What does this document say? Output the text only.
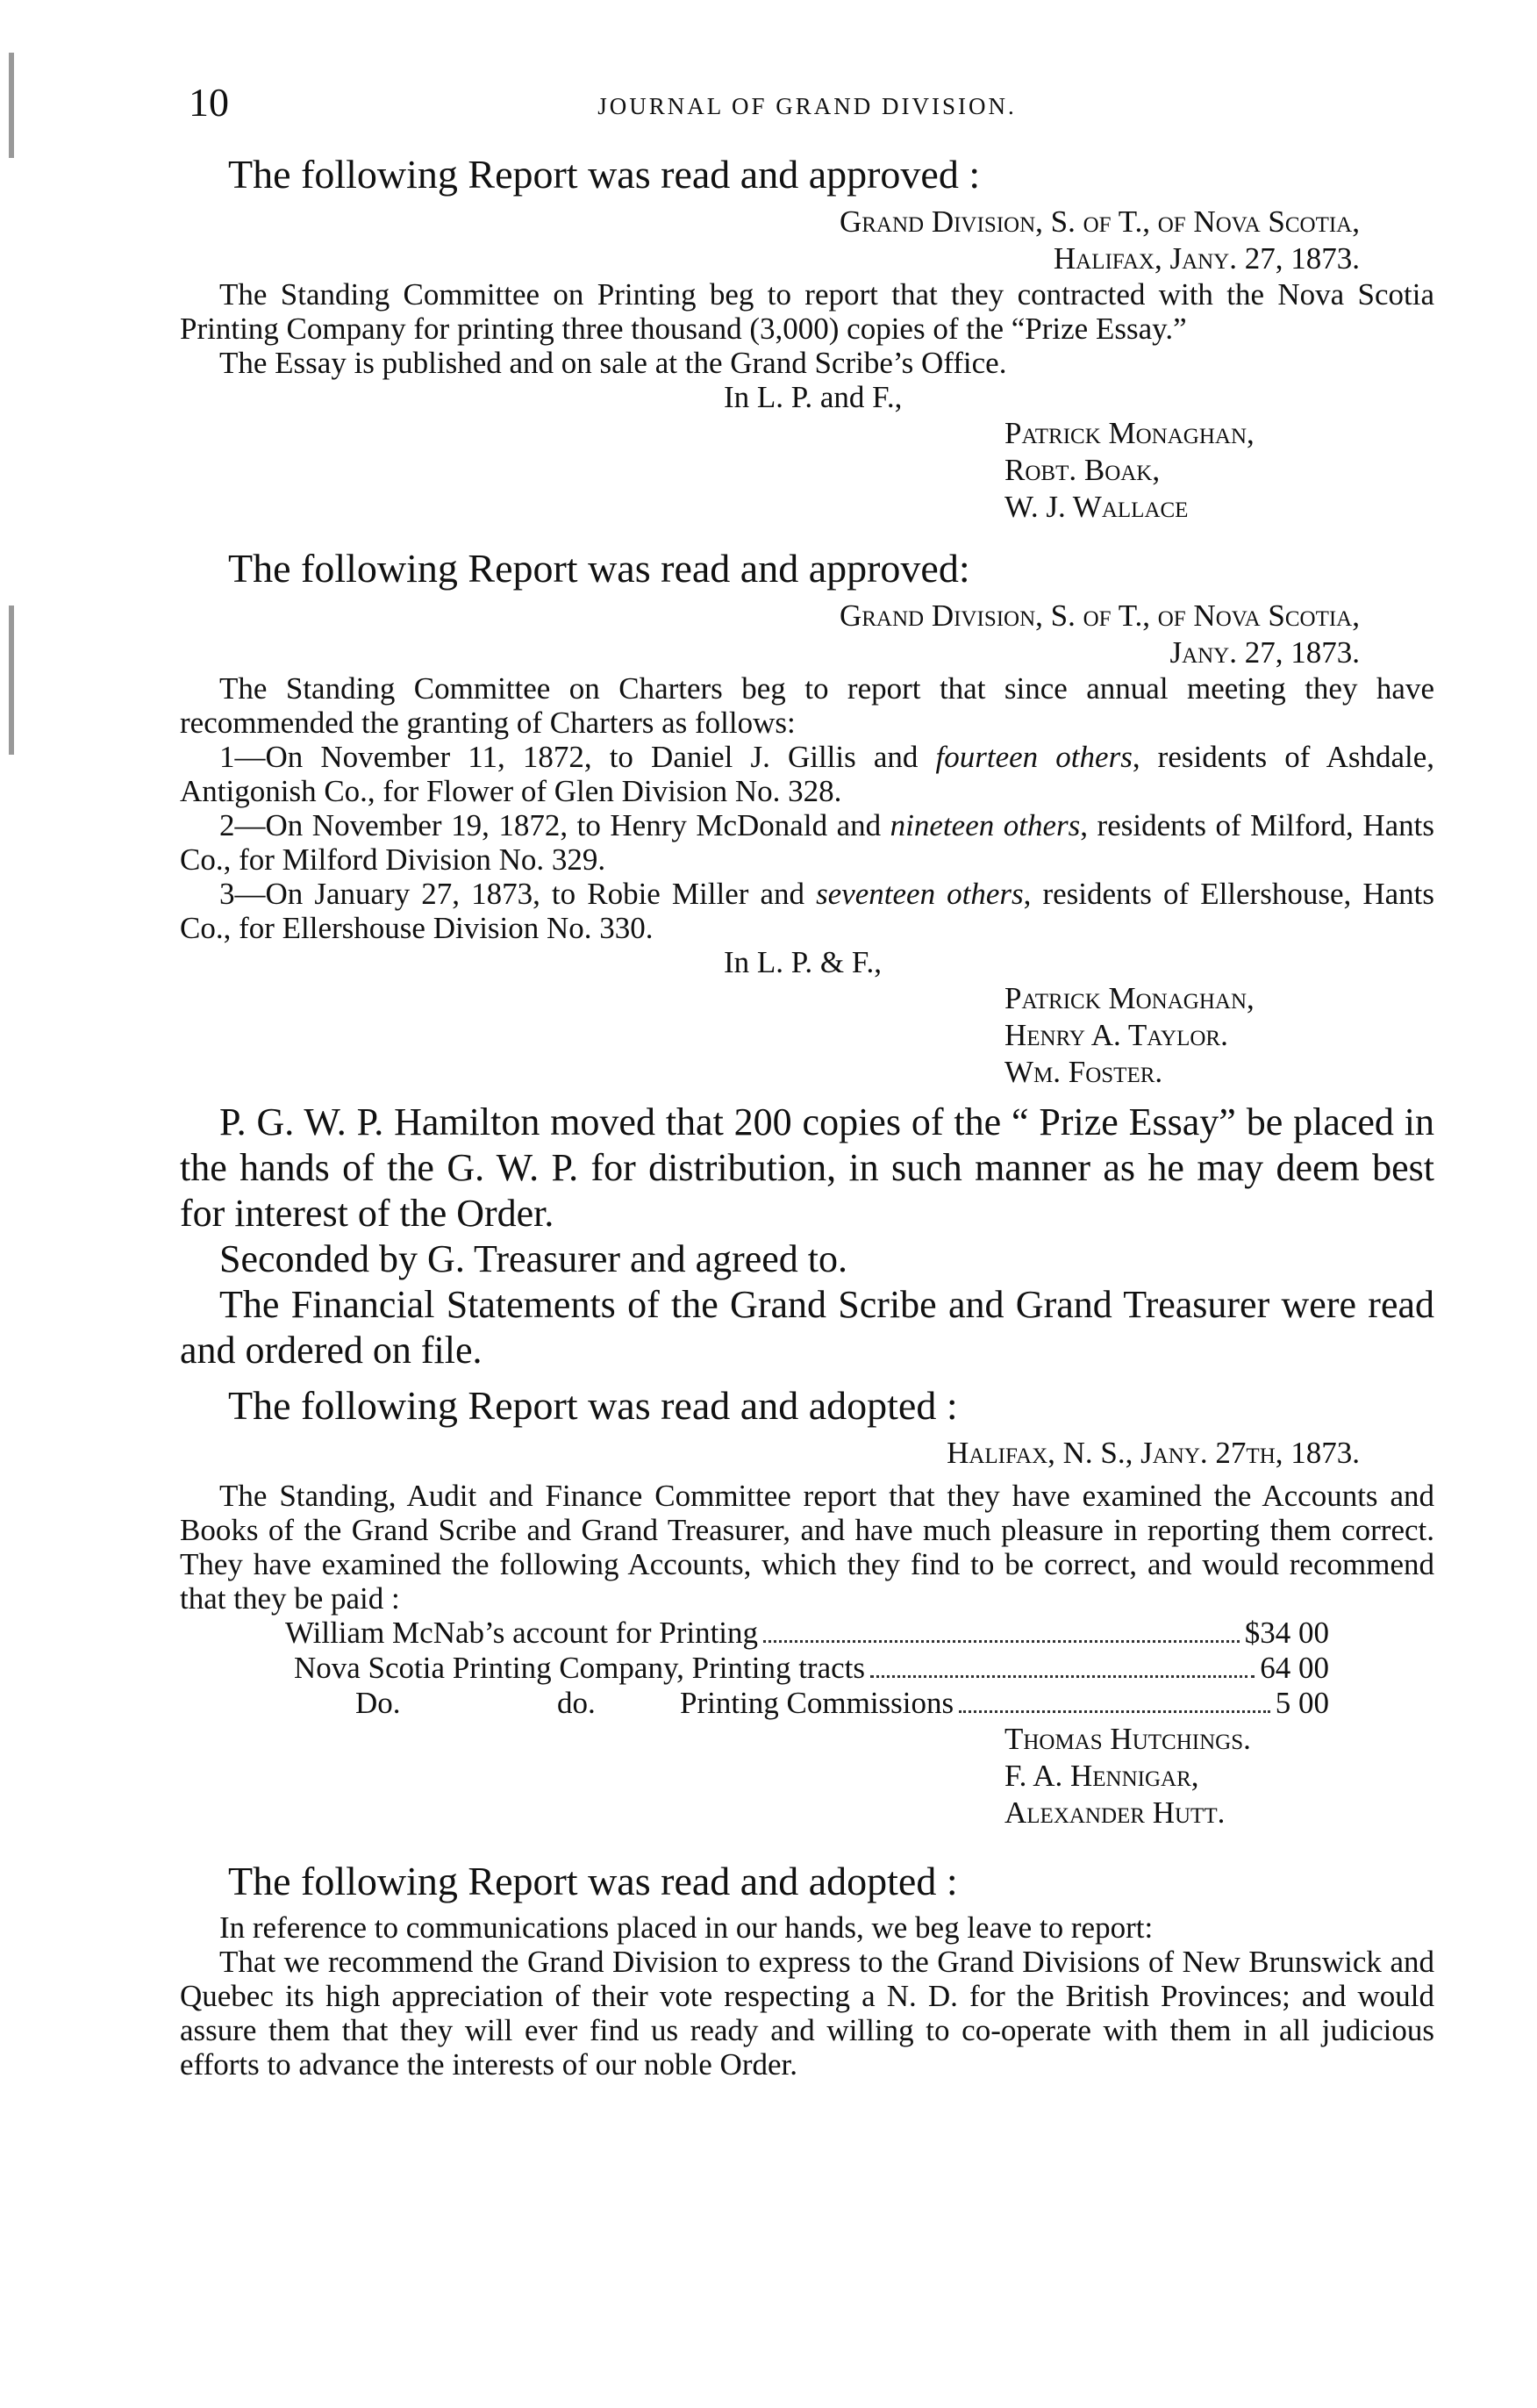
10	JOURNAL OF GRAND DIVISION.
The following Report was read and approved :
Grand Division, S. of T., of Nova Scotia,
Halifax, Jany. 27, 1873.

The Standing Committee on Printing beg to report that they contracted with the Nova Scotia Printing Company for printing three thousand (3,000) copies of the “Prize Essay.”

The Essay is published and on sale at the Grand Scribe’s Office.

In L. P. and F.,
Patrick Monaghan,
Robt. Boak,
W. J. Wallace
The following Report was read and approved:
Grand Division, S. of T., of Nova Scotia,
Jany. 27, 1873.

The Standing Committee on Charters beg to report that since annual meeting they have recommended the granting of Charters as follows:

1—On November 11, 1872, to Daniel J. Gillis and fourteen others, residents of Ashdale, Antigonish Co., for Flower of Glen Division No. 328.

2—On November 19, 1872, to Henry McDonald and nineteen others, residents of Milford, Hants Co., for Milford Division No. 329.

3—On January 27, 1873, to Robie Miller and seventeen others, residents of Ellershouse, Hants Co., for Ellershouse Division No. 330.

In L. P. & F.,
Patrick Monaghan,
Henry A. Taylor.
Wm. Foster.

P. G. W. P. Hamilton moved that 200 copies of the “ Prize Essay” be placed in the hands of the G. W. P. for distribution, in such manner as he may deem best for interest of the Order.

Seconded by G. Treasurer and agreed to.

The Financial Statements of the Grand Scribe and Grand Treasurer were read and ordered on file.

The following Report was read and adopted :
Halifax, N. S., Jany. 27th, 1873.

The Standing, Audit and Finance Committee report that they have examined the Accounts and Books of the Grand Scribe and Grand Treasurer, and have much pleasure in reporting them correct. They have examined the following Accounts, which they find to be correct, and would recommend that they be paid :

William McNab’s account for Printing	$34 00
Nova Scotia Printing Company, Printing tracts	64 00
Do.	do.	Printing Commissions	5 00
Thomas Hutchings.
F. A. Hennigar,
Alexander Hutt.
The following Report was read and adopted :

In reference to communications placed in our hands, we beg leave to report:

That we recommend the Grand Division to express to the Grand Divisions of New Brunswick and Quebec its high appreciation of their vote respecting a N. D. for the British Provinces; and would assure them that they will ever find us ready and willing to co-operate with them in all judicious efforts to advance the interests of our noble Order.
